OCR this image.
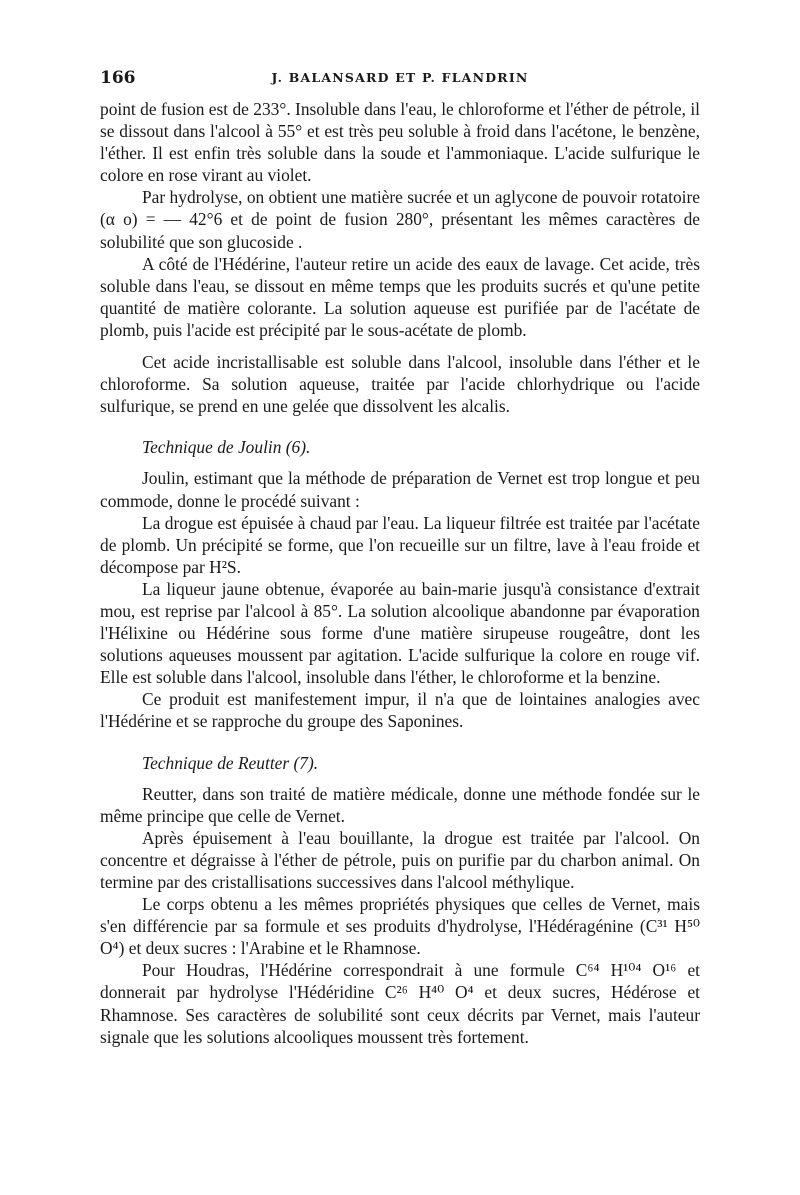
166	J. BALANSARD ET P. FLANDRIN

point de fusion est de 233°. Insoluble dans l'eau, le chloroforme et l'éther de pétrole, il se dissout dans l'alcool à 55° et est très peu soluble à froid dans l'acétone, le benzène, l'éther. Il est enfin très soluble dans la soude et l'ammoniaque. L'acide sulfurique le colore en rose virant au violet.

Par hydrolyse, on obtient une matière sucrée et un aglycone de pouvoir rotatoire (α o) = — 42°6 et de point de fusion 280°, présentant les mêmes caractères de solubilité que son glucoside .

A côté de l'Hédérine, l'auteur retire un acide des eaux de lavage. Cet acide, très soluble dans l'eau, se dissout en même temps que les produits sucrés et qu'une petite quantité de matière colorante. La solution aqueuse est purifiée par de l'acétate de plomb, puis l'acide est précipité par le sous-acétate de plomb.

Cet acide incristallisable est soluble dans l'alcool, insoluble dans l'éther et le chloroforme. Sa solution aqueuse, traitée par l'acide chlorhydrique ou l'acide sulfurique, se prend en une gelée que dissolvent les alcalis.

Technique de Joulin (6).

Joulin, estimant que la méthode de préparation de Vernet est trop longue et peu commode, donne le procédé suivant :

La drogue est épuisée à chaud par l'eau. La liqueur filtrée est traitée par l'acétate de plomb. Un précipité se forme, que l'on recueille sur un filtre, lave à l'eau froide et décompose par H²S.

La liqueur jaune obtenue, évaporée au bain-marie jusqu'à consistance d'extrait mou, est reprise par l'alcool à 85°. La solution alcoolique abandonne par évaporation l'Hélixine ou Hédérine sous forme d'une matière sirupeuse rougeâtre, dont les solutions aqueuses moussent par agitation. L'acide sulfurique la colore en rouge vif. Elle est soluble dans l'alcool, insoluble dans l'éther, le chloroforme et la benzine.

Ce produit est manifestement impur, il n'a que de lointaines analogies avec l'Hédérine et se rapproche du groupe des Saponines.

Technique de Reutter (7).

Reutter, dans son traité de matière médicale, donne une méthode fondée sur le même principe que celle de Vernet.

Après épuisement à l'eau bouillante, la drogue est traitée par l'alcool. On concentre et dégraisse à l'éther de pétrole, puis on purifie par du charbon animal. On termine par des cristallisations successives dans l'alcool méthylique.

Le corps obtenu a les mêmes propriétés physiques que celles de Vernet, mais s'en différencie par sa formule et ses produits d'hydrolyse, l'Hédéragénine (C³¹ H⁵⁰ O⁴) et deux sucres : l'Arabine et le Rhamnose.

Pour Houdras, l'Hédérine correspondrait à une formule C⁶⁴ H¹⁰⁴ O¹⁶ et donnerait par hydrolyse l'Hédéridine C²⁶ H⁴⁰ O⁴ et deux sucres, Hédérose et Rhamnose. Ses caractères de solubilité sont ceux décrits par Vernet, mais l'auteur signale que les solutions alcooliques moussent très fortement.
